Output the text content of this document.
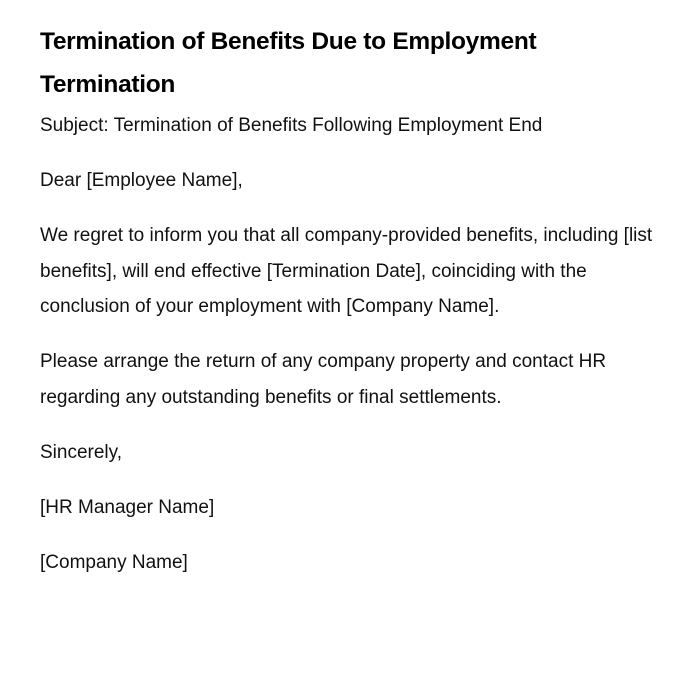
Termination of Benefits Due to Employment Termination

Subject: Termination of Benefits Following Employment End

Dear [Employee Name],

We regret to inform you that all company-provided benefits, including [list benefits], will end effective [Termination Date], coinciding with the conclusion of your employment with [Company Name].

Please arrange the return of any company property and contact HR regarding any outstanding benefits or final settlements.

Sincerely,

[HR Manager Name]

[Company Name]
